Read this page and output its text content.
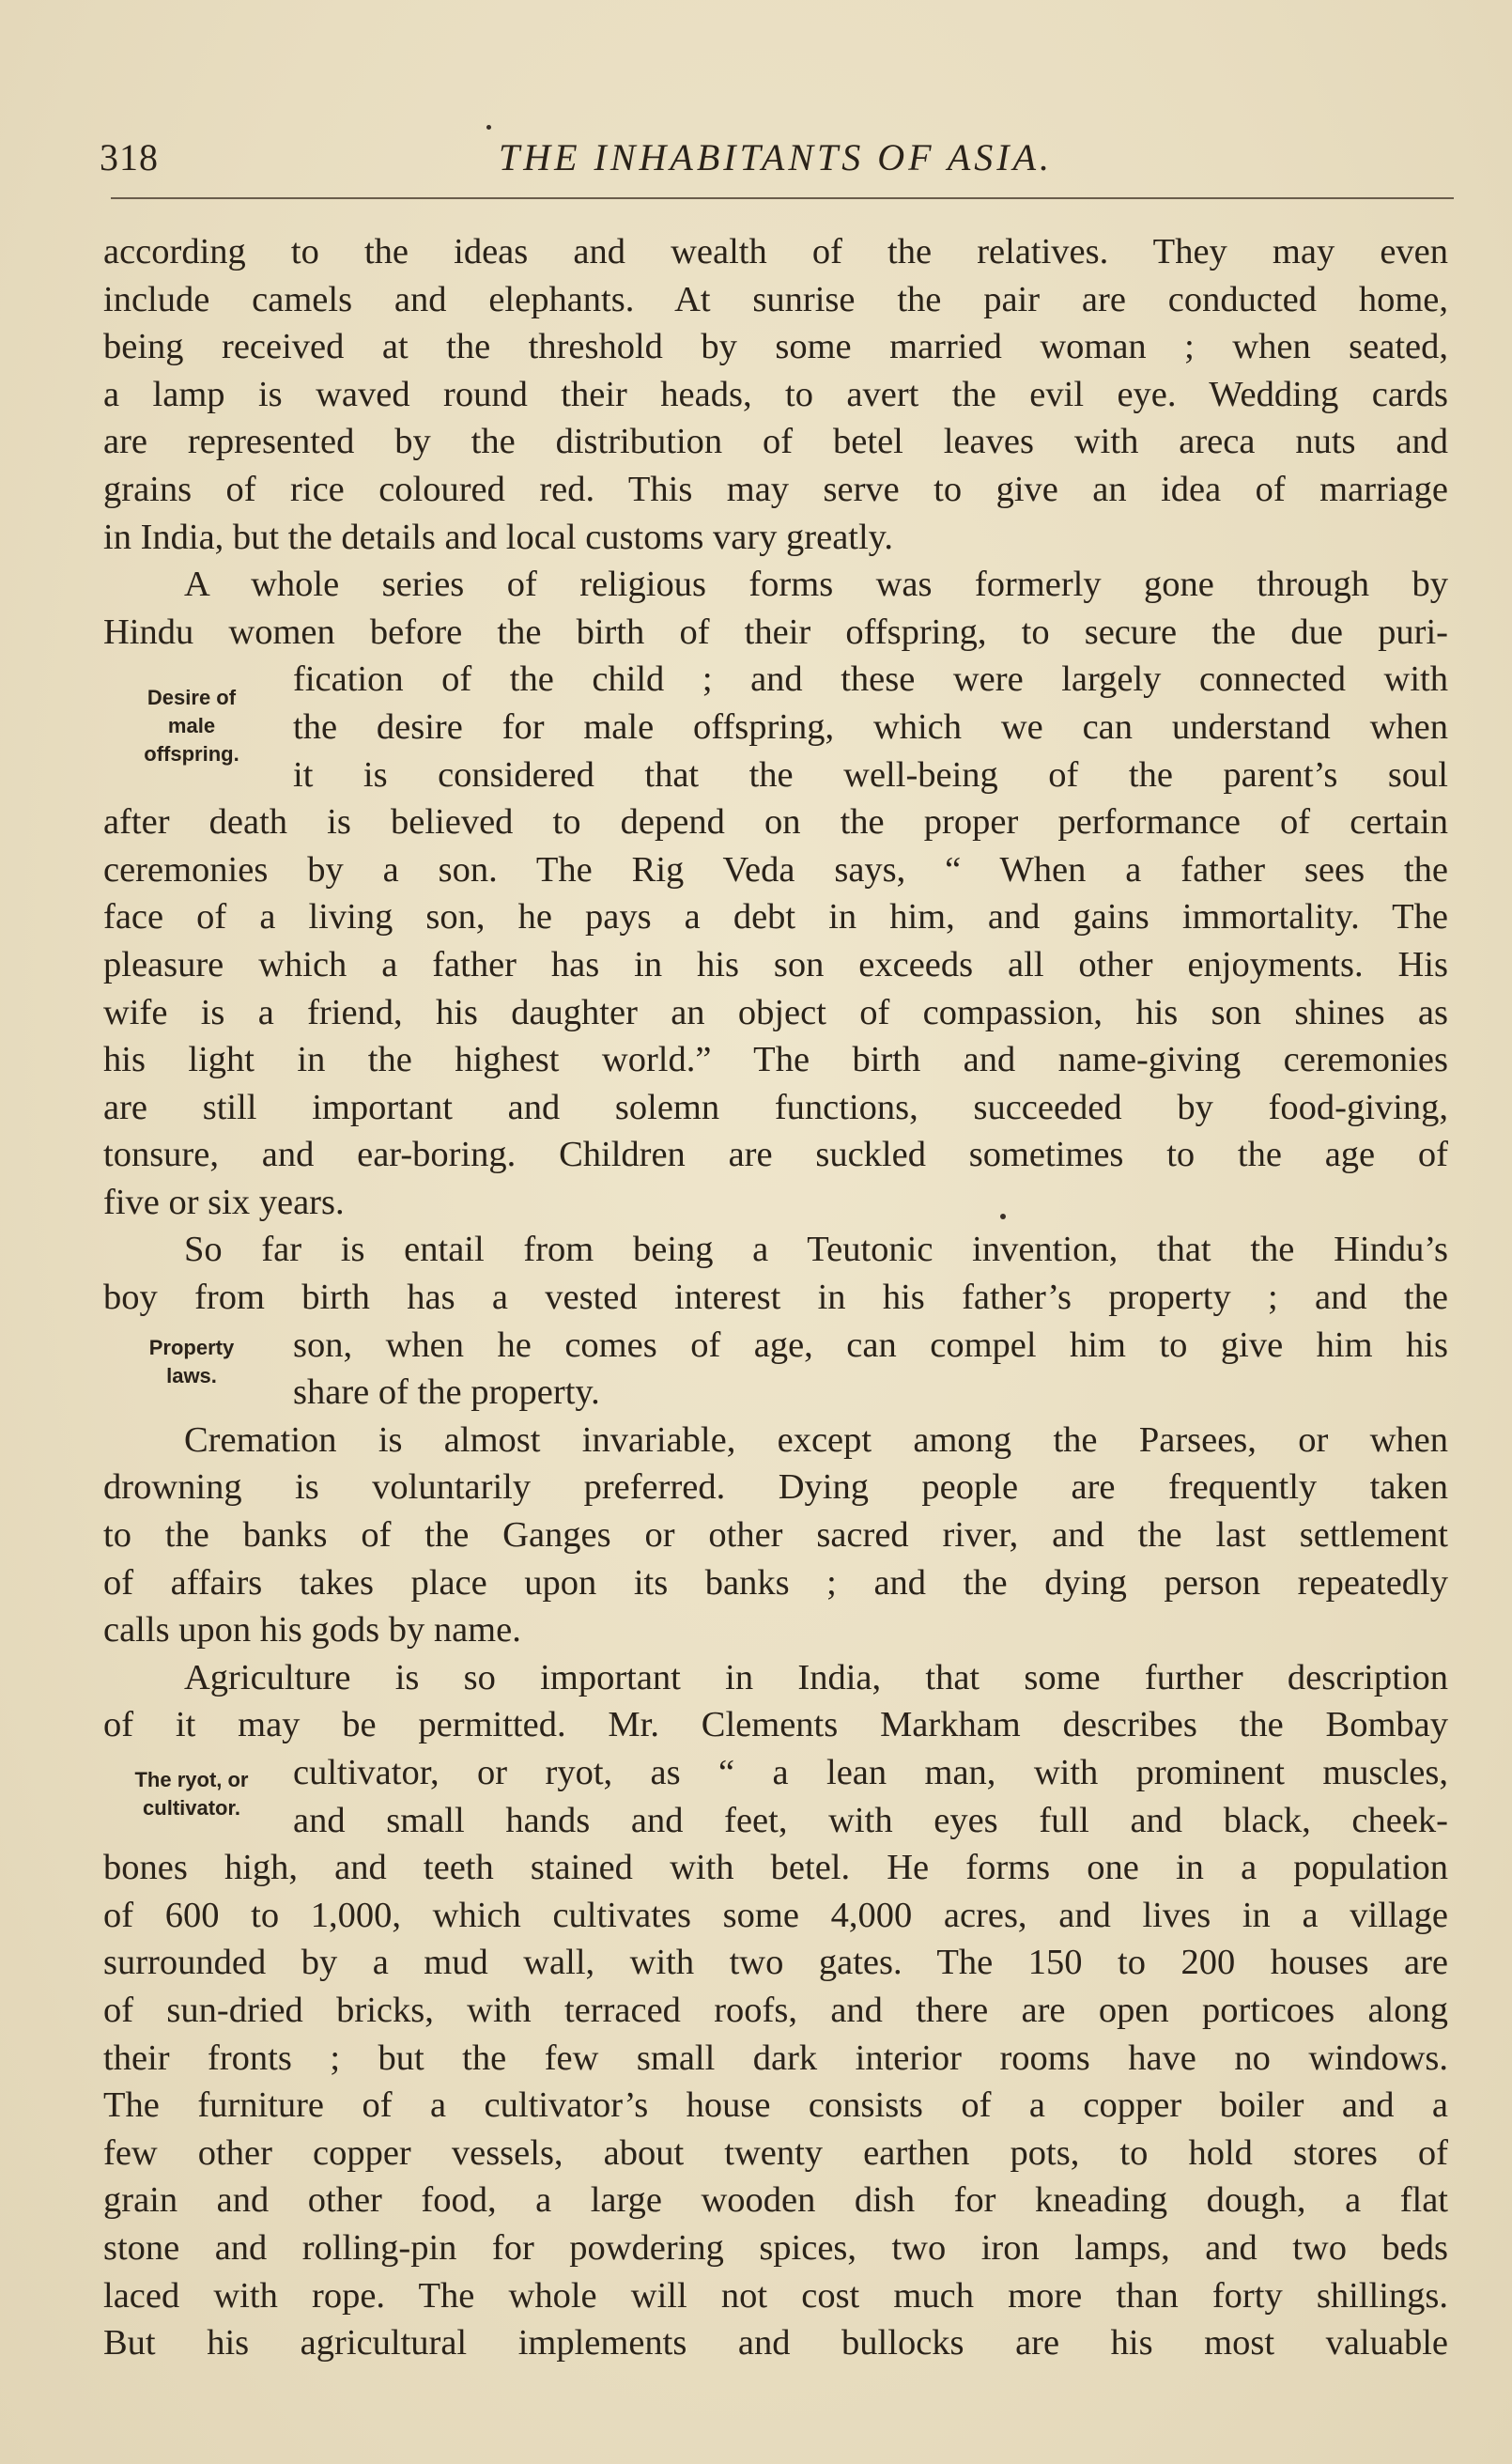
318	THE INHABITANTS OF ASIA.
according to the ideas and wealth of the relatives. They may even
include camels and elephants. At sunrise the pair are conducted home,
being received at the threshold by some married woman ; when seated,
a lamp is waved round their heads, to avert the evil eye. Wedding cards
are represented by the distribution of betel leaves with areca nuts and
grains of rice coloured red. This may serve to give an idea of marriage
in India, but the details and local customs vary greatly.
A whole series of religious forms was formerly gone through by
Hindu women before the birth of their offspring, to secure the due puri-
fication of the child ; and these were largely connected with
the desire for male offspring, which we can understand when
it is considered that the well-being of the parent’s soul
after death is believed to depend on the proper performance of certain
ceremonies by a son. The Rig Veda says, “ When a father sees the
face of a living son, he pays a debt in him, and gains immortality. The
pleasure which a father has in his son exceeds all other enjoyments. His
wife is a friend, his daughter an object of compassion, his son shines as
his light in the highest world.” The birth and name-giving ceremonies
are still important and solemn functions, succeeded by food-giving,
tonsure, and ear-boring. Children are suckled sometimes to the age of
five or six years.
So far is entail from being a Teutonic invention, that the Hindu’s
boy from birth has a vested interest in his father’s property ; and the
son, when he comes of age, can compel him to give him his
share of the property.
Cremation is almost invariable, except among the Parsees, or when
drowning is voluntarily preferred. Dying people are frequently taken
to the banks of the Ganges or other sacred river, and the last settlement
of affairs takes place upon its banks ; and the dying person repeatedly
calls upon his gods by name.
Agriculture is so important in India, that some further description
of it may be permitted. Mr. Clements Markham describes the Bombay
cultivator, or ryot, as “ a lean man, with prominent muscles,
and small hands and feet, with eyes full and black, cheek-
bones high, and teeth stained with betel. He forms one in a population
of 600 to 1,000, which cultivates some 4,000 acres, and lives in a village
surrounded by a mud wall, with two gates. The 150 to 200 houses are
of sun-dried bricks, with terraced roofs, and there are open porticoes along
their fronts ; but the few small dark interior rooms have no windows.
The furniture of a cultivator’s house consists of a copper boiler and a
few other copper vessels, about twenty earthen pots, to hold stores of
grain and other food, a large wooden dish for kneading dough, a flat
stone and rolling-pin for powdering spices, two iron lamps, and two beds
laced with rope. The whole will not cost much more than forty shillings.
But his agricultural implements and bullocks are his most valuable
Desire of
male
offspring.
Property
laws.
The ryot, or
cultivator.
